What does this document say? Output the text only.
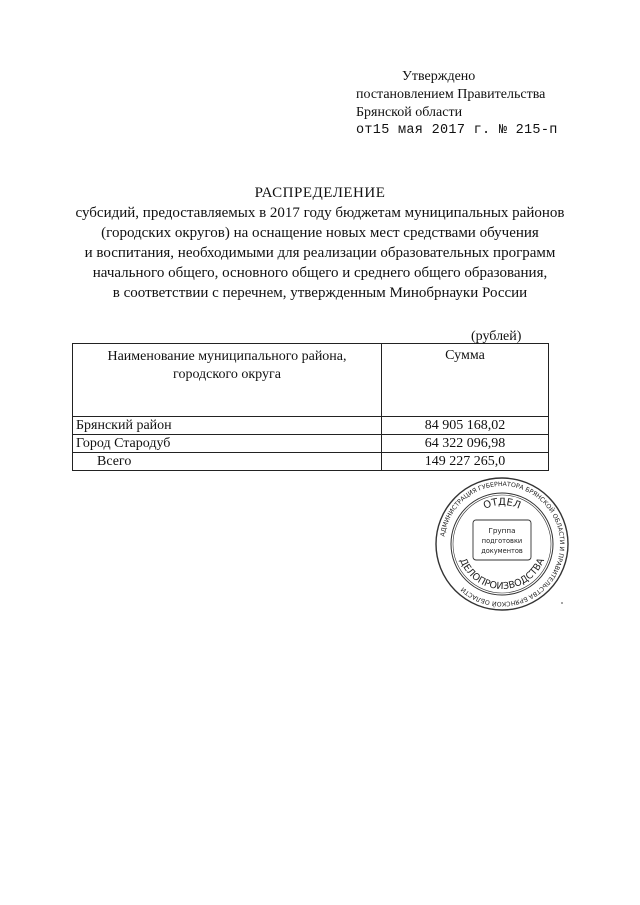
Утверждено
постановлением Правительства
Брянской области
от15 мая 2017 г. № 215-п
РАСПРЕДЕЛЕНИЕ
субсидий, предоставляемых в 2017 году бюджетам муниципальных районов
(городских округов) на оснащение новых мест средствами обучения
и воспитания, необходимыми для реализации образовательных программ
начального общего, основного общего и среднего общего образования,
в соответствии с перечнем, утвержденным Минобрнауки России
(рублей)
Наименование муниципального района,
городского округа	Сумма
Брянский район	84 905 168,02
Город Стародуб	64 322 096,98
Всего	149 227 265,0
АДМИНИСТРАЦИЯ ГУБЕРНАТОРА БРЯНСКОЙ ОБЛАСТИ И ПРАВИТЕЛЬСТВА БРЯНСКОЙ ОБЛАСТИ
ОТДЕЛ
ДЕЛОПРОИЗВОДСТВА
Группа
подготовки
документов
